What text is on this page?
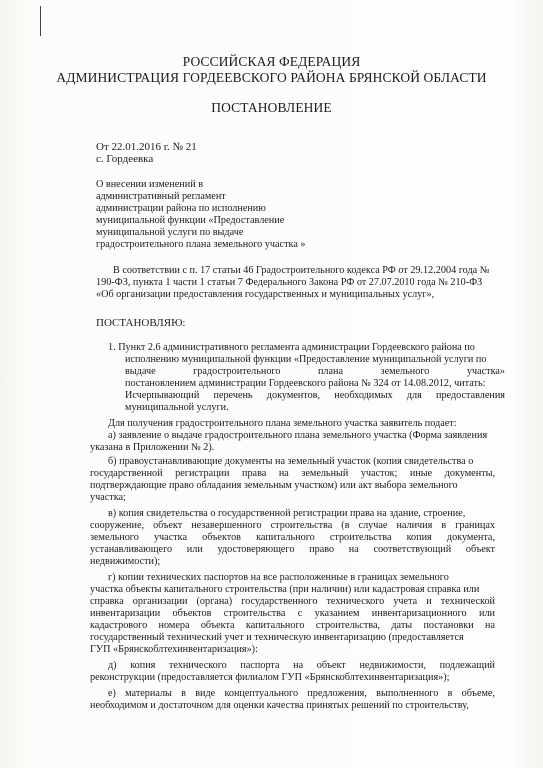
РОССИЙСКАЯ ФЕДЕРАЦИЯ
АДМИНИСТРАЦИЯ ГОРДЕЕВСКОГО РАЙОНА БРЯНСКОЙ ОБЛАСТИ
ПОСТАНОВЛЕНИЕ
От 22.01.2016 г. № 21
с. Гордеевка
О внесении изменений в
административный регламент
администрации района по исполнению
муниципальной функции «Предоставление
муниципальной услуги по выдаче
градостроительного плана земельного участка »
В соответствии с п. 17 статьи 46 Градостроительного кодекса РФ от 29.12.2004 года №
190-ФЗ, пункта 1 части 1 статьи 7 Федерального Закона РФ от 27.07.2010 года № 210-ФЗ
«Об организации предоставления государственных и муниципальных услуг»,
ПОСТАНОВЛЯЮ:
1. Пункт 2.6 административного регламента администрации Гордеевского района по
исполнению муниципальной функции «Предоставление муниципальной услуги по
выдаче градостроительного плана земельного участка»
постановлением администрации Гордеевского района № 324 от 14.08.2012, читать:
Исчерпывающий перечень документов, необходимых для предоставления
муниципальной услуги.
Для получения градостроительного плана земельного участка заявитель подает:
а) заявление о выдаче градостроительного плана земельного участка (Форма заявления
указана в Приложении № 2).
б) правоустанавливающие документы на земельный участок (копия свидетельства о
государственной регистрации права на земельный участок; иные документы,
подтверждающие право обладания земельным участком) или акт выбора земельного
участка;
в) копия свидетельства о государственной регистрации права на здание, строение,
сооружение, объект незавершенного строительства (в случае наличия в границах
земельного участка объектов капитального строительства копия документа,
устанавливающего или удостоверяющего право на соответствующий объект
недвижимости);
г) копии технических паспортов на все расположенные в границах земельного
участка объекты капитального строительства (при наличии) или кадастровая справка или
справка организации (органа) государственного технического учета и технической
инвентаризации объектов строительства с указанием инвентаризационного или
кадастрового номера объекта капитального строительства, даты постановки на
государственный технический учет и техническую инвентаризацию (предоставляется
ГУП «Брянскоблтехинвентаризация»):
д) копия технического паспорта на объект недвижимости, подлежащий
реконструкции (предоставляется филиалом ГУП «Брянскоблтехинвентаризация»);
е) материалы в виде концептуального предложения, выполненного в объеме,
необходимом и достаточном для оценки качества принятых решений по строительству,
